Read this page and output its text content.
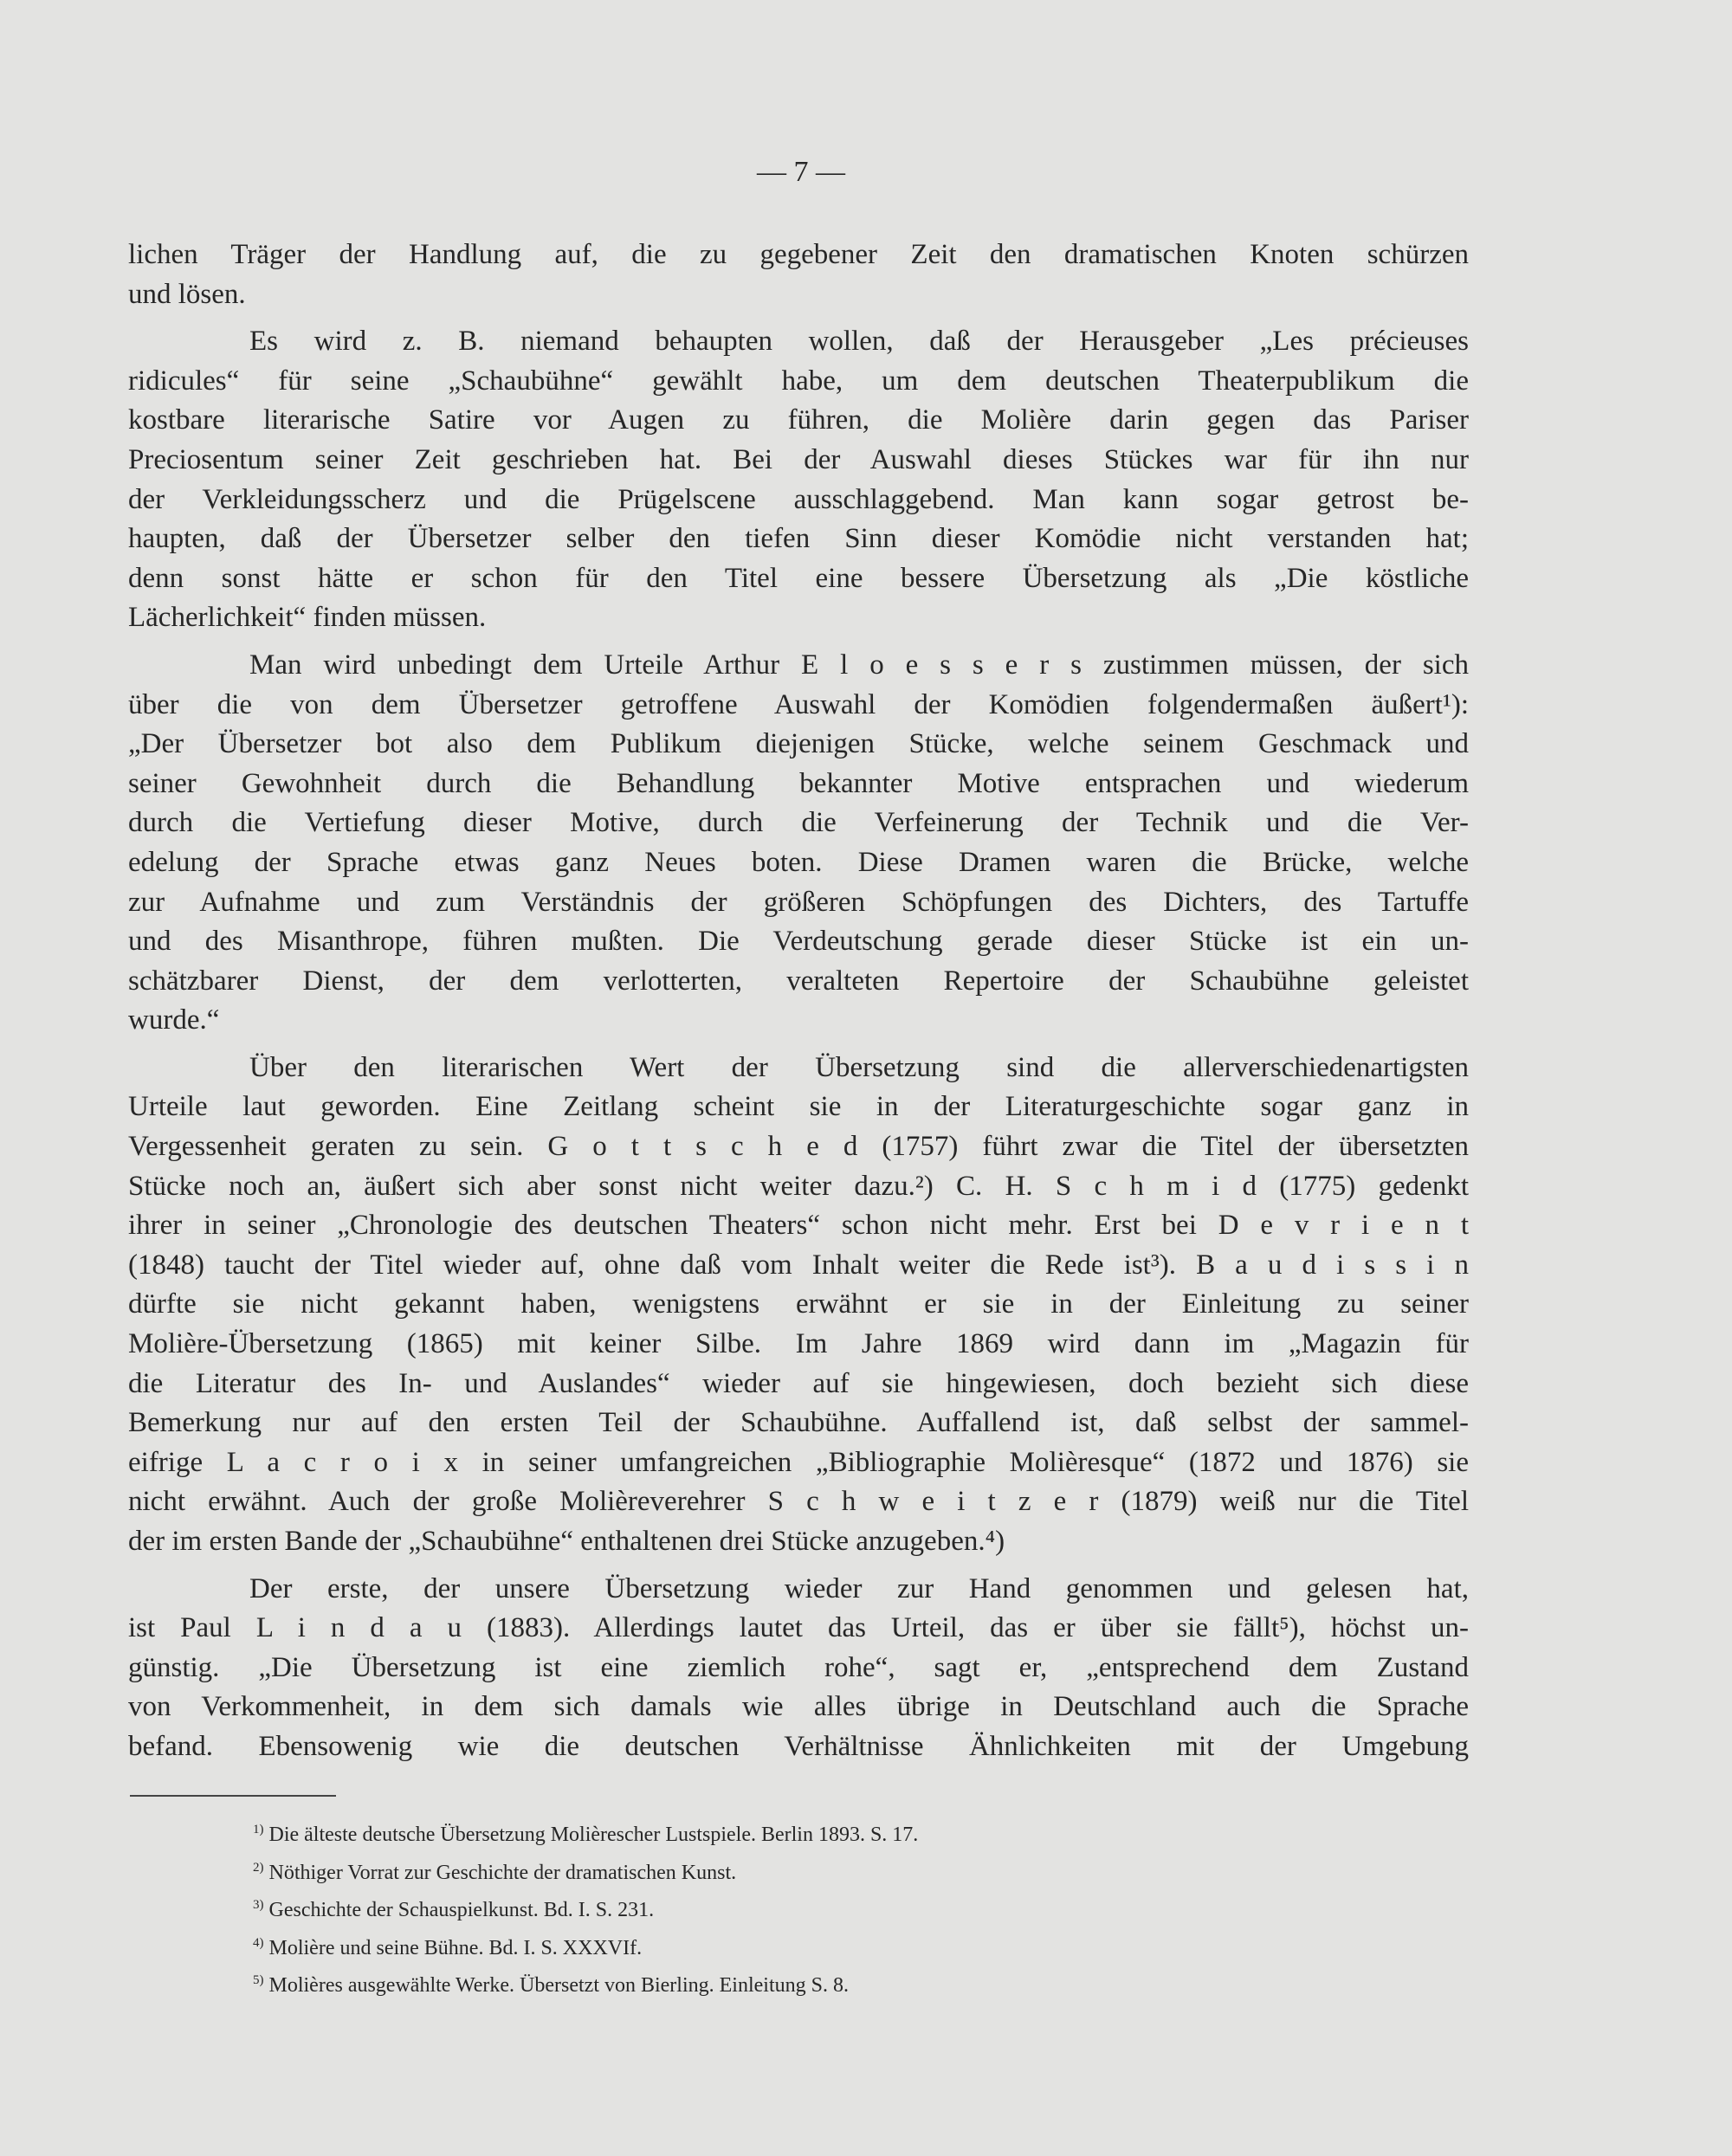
— 7 —
lichen Träger der Handlung auf, die zu gegebener Zeit den dramatischen Knoten schürzen
und lösen.
Es wird z. B. niemand behaupten wollen, daß der Herausgeber „Les précieuses
ridicules“ für seine „Schaubühne“ gewählt habe, um dem deutschen Theaterpublikum die
kostbare literarische Satire vor Augen zu führen, die Molière darin gegen das Pariser
Preciosentum seiner Zeit geschrieben hat. Bei der Auswahl dieses Stückes war für ihn nur
der Verkleidungsscherz und die Prügelscene ausschlaggebend. Man kann sogar getrost be-
haupten, daß der Übersetzer selber den tiefen Sinn dieser Komödie nicht verstanden hat;
denn sonst hätte er schon für den Titel eine bessere Übersetzung als „Die köstliche
Lächerlichkeit“ finden müssen.
Man wird unbedingt dem Urteile Arthur E l o e s s e r s zustimmen müssen, der sich
über die von dem Übersetzer getroffene Auswahl der Komödien folgendermaßen äußert¹):
„Der Übersetzer bot also dem Publikum diejenigen Stücke, welche seinem Geschmack und
seiner Gewohnheit durch die Behandlung bekannter Motive entsprachen und wiederum
durch die Vertiefung dieser Motive, durch die Verfeinerung der Technik und die Ver-
edelung der Sprache etwas ganz Neues boten. Diese Dramen waren die Brücke, welche
zur Aufnahme und zum Verständnis der größeren Schöpfungen des Dichters, des Tartuffe
und des Misanthrope, führen mußten. Die Verdeutschung gerade dieser Stücke ist ein un-
schätzbarer Dienst, der dem verlotterten, veralteten Repertoire der Schaubühne geleistet
wurde.“
Über den literarischen Wert der Übersetzung sind die allerverschiedenartigsten
Urteile laut geworden. Eine Zeitlang scheint sie in der Literaturgeschichte sogar ganz in
Vergessenheit geraten zu sein. G o t t s c h e d (1757) führt zwar die Titel der übersetzten
Stücke noch an, äußert sich aber sonst nicht weiter dazu.²) C. H. S c h m i d (1775) gedenkt
ihrer in seiner „Chronologie des deutschen Theaters“ schon nicht mehr. Erst bei D e v r i e n t
(1848) taucht der Titel wieder auf, ohne daß vom Inhalt weiter die Rede ist³). B a u d i s s i n
dürfte sie nicht gekannt haben, wenigstens erwähnt er sie in der Einleitung zu seiner
Molière-Übersetzung (1865) mit keiner Silbe. Im Jahre 1869 wird dann im „Magazin für
die Literatur des In- und Auslandes“ wieder auf sie hingewiesen, doch bezieht sich diese
Bemerkung nur auf den ersten Teil der Schaubühne. Auffallend ist, daß selbst der sammel-
eifrige L a c r o i x in seiner umfangreichen „Bibliographie Molièresque“ (1872 und 1876) sie
nicht erwähnt. Auch der große Molièreverehrer S c h w e i t z e r (1879) weiß nur die Titel
der im ersten Bande der „Schaubühne“ enthaltenen drei Stücke anzugeben.⁴)
Der erste, der unsere Übersetzung wieder zur Hand genommen und gelesen hat,
ist Paul L i n d a u (1883). Allerdings lautet das Urteil, das er über sie fällt⁵), höchst un-
günstig. „Die Übersetzung ist eine ziemlich rohe“, sagt er, „entsprechend dem Zustand
von Verkommenheit, in dem sich damals wie alles übrige in Deutschland auch die Sprache
befand. Ebensowenig wie die deutschen Verhältnisse Ähnlichkeiten mit der Umgebung
$^{1)}$ Die älteste deutsche Übersetzung Molièrescher Lustspiele. Berlin 1893. S. 17.
$^{2)}$ Nöthiger Vorrat zur Geschichte der dramatischen Kunst.
$^{3)}$ Geschichte der Schauspielkunst. Bd. I. S. 231.
$^{4)}$ Molière und seine Bühne. Bd. I. S. XXXVIf.
$^{5)}$ Molières ausgewählte Werke. Übersetzt von Bierling. Einleitung S. 8.
